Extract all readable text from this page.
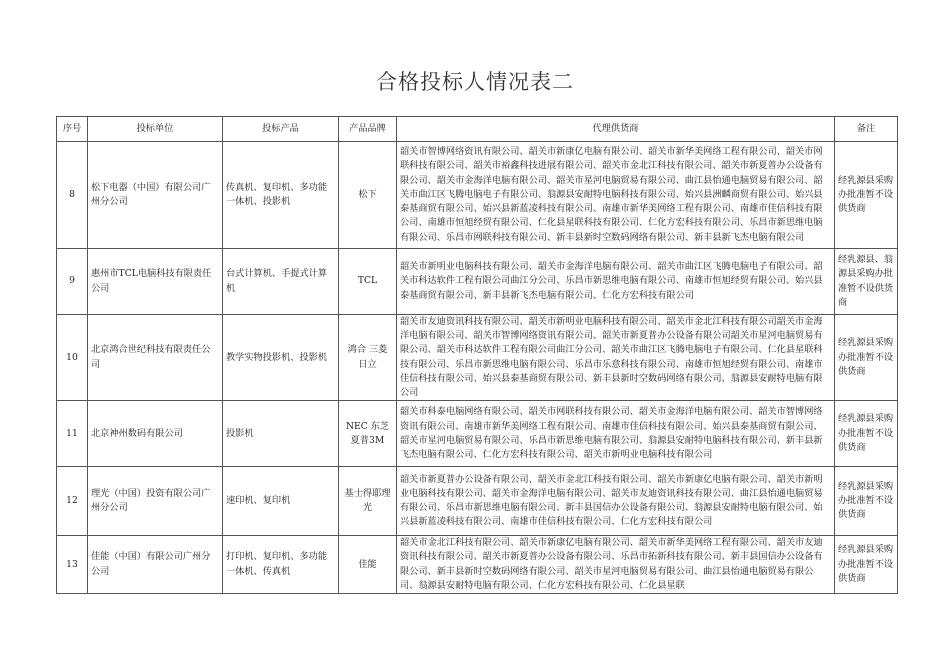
合格投标人情况表二
序号	投标单位	投标产品	产品品牌	代理供货商	备注
8	松下电器（中国）有限公司广州分公司	传真机、复印机、多功能一体机、投影机	松下	韶关市智博网络资讯有限公司、韶关市新康亿电脑有限公司、韶关市新华美网络工程有限公司、韶关市网联科技有限公司、韶关市裕鑫科技进展有限公司、韶关市金北江科技有限公司、韶关市新夏普办公设备有限公司、韶关市金海洋电脑有限公司、韶关市星河电脑贸易有限公司、曲江县怡通电脑贸易有限公司、韶关市曲江区飞腾电脑电子有限公司、翁源县安耐特电脑科技有限公司、始兴县洲麟商贸有限公司、始兴县泰基商贸有限公司、始兴县新蓝凌科技有限公司、南雄市新华美网络工程有限公司、南雄市佳信科技有限公司、南雄市恒旭经贸有限公司、仁化县星联科技有限公司、仁化方宏科技有限公司、乐昌市新思维电脑有限公司、乐昌市网联科技有限公司、新丰县新时空数码网络有限公司、新丰县新飞杰电脑有限公司	经乳源县采购办批准暂不设供货商
9	惠州市TCL电脑科技有限责任公司	台式计算机、手提式计算机	TCL	韶关市新明业电脑科技有限公司、韶关市金海洋电脑有限公司、韶关市曲江区飞腾电脑电子有限公司、韶关市科达软件工程有限公司曲江分公司、乐昌市新思维电脑有限公司、南雄市恒旭经贸有限公司、始兴县泰基商贸有限公司、新丰县新飞杰电脑有限公司、仁化方宏科技有限公司	经乳源县、翁源县采购办批准暂不设供货商
10	北京鸿合世纪科技有限责任公司	教学实物投影机、投影机	鸿合 三菱 日立	韶关市友迪资讯科技有限公司、韶关市新明业电脑科技有限公司、韶关市金北江科技有限公司韶关市金海洋电脑有限公司、韶关市智博网络资讯有限公司、韶关市新夏普办公设备有限公司韶关市星河电脑贸易有限公司、韶关市科达软件工程有限公司曲江分公司、韶关市曲江区飞腾电脑电子有限公司、仁化县星联科技有限公司、乐昌市新思维电脑有限公司、乐昌市乐意科技有限公司、南雄市恒旭经贸有限公司、南雄市佳信科技有限公司、始兴县泰基商贸有限公司、新丰县新时空数码网络有限公司、翁源县安耐特电脑有限公司	经乳源县采购办批准暂不设供货商
11	北京神州数码有限公司	投影机	NEC 东芝夏普3M	韶关市科泰电脑网络有限公司、韶关市网联科技有限公司、韶关市金海洋电脑有限公司、韶关市智博网络资讯有限公司、南雄市新华美网络工程有限公司、南雄市佳信科技有限公司、始兴县泰基商贸有限公司、韶关市星河电脑贸易有限公司、乐昌市新思维电脑有限公司、翁源县安耐特电脑科技有限公司、新丰县新飞杰电脑有限公司、仁化方宏科技有限公司、韶关市新明业电脑科技有限公司	经乳源县采购办批准暂不设供货商
12	理光（中国）投资有限公司广州分公司	速印机、复印机	基士得耶理光	韶关市新夏普办公设备有限公司、韶关市金北江科技有限公司、韶关市新康亿电脑有限公司、韶关市新明业电脑科技有限公司、韶关市金海洋电脑有限公司、韶关市友迪资讯科技有限公司、曲江县怡通电脑贸易有限公司、乐昌市新思维电脑有限公司、新丰县国信办公设备有限公司、翁源县安耐特电脑有限公司、始兴县新蓝凌科技有限公司、南雄市佳信科技有限公司、仁化方宏科技有限公司	经乳源县采购办批准暂不设供货商
13	佳能（中国）有限公司广州分公司	打印机、复印机、多功能一体机、传真机	佳能	韶关市金北江科技有限公司、韶关市新康亿电脑有限公司、韶关市新华美网络工程有限公司、韶关市友迪资讯科技有限公司、韶关市新夏普办公设备有限公司、乐昌市拓新科技有限公司、新丰县国信办公设备有限公司、新丰县新时空数码网络有限公司、韶关市星河电脑贸易有限公司、曲江县怡通电脑贸易有限公司、翁源县安耐特电脑有限公司、仁化方宏科技有限公司、仁化县星联	经乳源县采购办批准暂不设供货商
